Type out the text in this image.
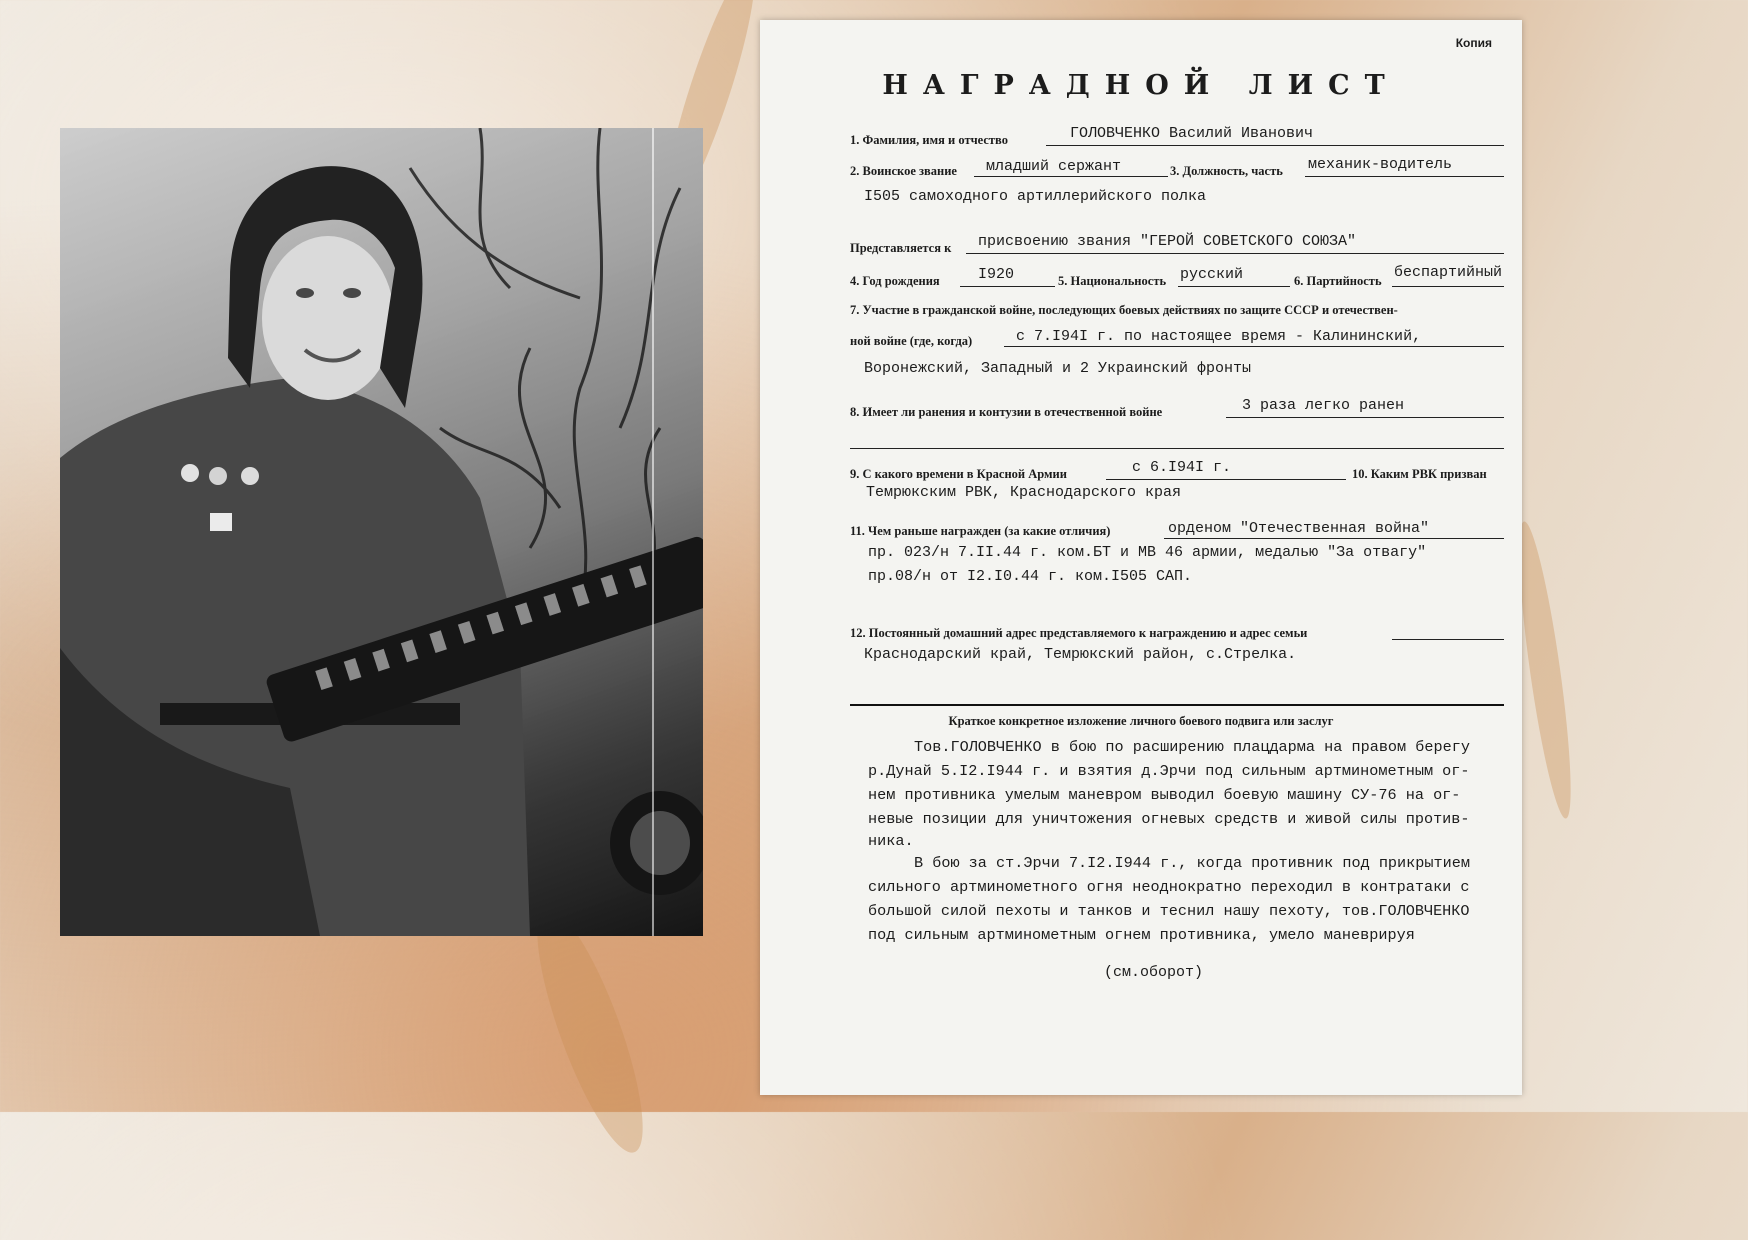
Копия
НАГРАДНОЙ ЛИСТ
1. Фамилия, имя и отчество	ГОЛОВЧЕНКО Василий Иванович
2. Воинское звание младший сержант	3. Должность, часть механик-водитель
I505 самоходного артиллерийского полка
Представляется к присвоению звания "ГЕРОЙ СОВЕТСКОГО СОЮЗА"
4. Год рождения	I920	5. Национальность русский	6. Партийность беспартийный
7. Участие в гражданской войне, последующих боевых действиях по защите СССР и отечествен-
ной войне (где, когда)	с 7.I94I г. по настоящее время - Калининский,
Воронежский, Западный и 2 Украинский фронты
8. Имеет ли ранения и контузии в отечественной войне	3 раза легко ранен
9. С какого времени в Красной Армии	с 6.I94I г.	10. Каким РВК призван
Темрюкским РВК, Краснодарского края
11. Чем раньше награжден (за какие отличия)	орденом "Отечественная война"
пр. 023/н 7.II.44 г. ком.БТ и МВ 46 армии, медалью "За отвагу"
пр.08/н от I2.I0.44 г. ком.I505 САП.
12. Постоянный домашний адрес представляемого к награждению и адрес семьи
Краснодарский край, Темрюкский район, с.Стрелка.
Краткое конкретное изложение личного боевого подвига или заслуг
Тов.ГОЛОВЧЕНКО в бою по расширению плацдарма на правом берегу
р.Дунай 5.I2.I944 г. и взятия д.Эрчи под сильным артминометным ог-
нем противника умелым маневром выводил боевую машину СУ-76 на ог-
невые позиции для уничтожения огневых средств и живой силы против-
ника.
В бою за ст.Эрчи 7.I2.I944 г., когда противник под прикрытием
сильного артминометного огня неоднократно переходил в контратаки с
большой силой пехоты и танков и теснил нашу пехоту, тов.ГОЛОВЧЕНКО
под сильным артминометным огнем противника, умело маневрируя
(см.оборот)
